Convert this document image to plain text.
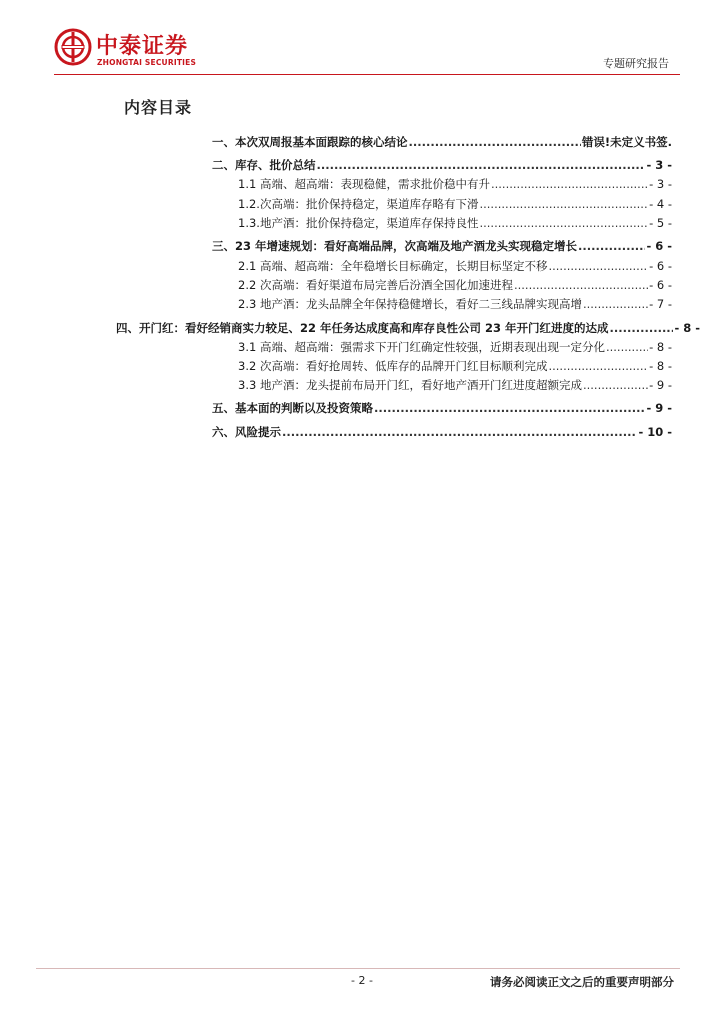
中泰证券
ZHONGTAI SECURITIES	专题研究报告
内容目录
一、本次双周报基本面跟踪的核心结论 .....	错误!未定义书签.
二、库存、批价总结 .....	- 3 -
1.1 高端、超高端：表现稳健，需求批价稳中有升 .....	- 3 -
1.2.次高端：批价保持稳定，渠道库存略有下滑 .....	- 4 -
1.3.地产酒：批价保持稳定，渠道库存保持良性 .....	- 5 -
三、23 年增速规划：看好高端品牌，次高端及地产酒龙头实现稳定增长 .....	- 6 -
2.1 高端、超高端：全年稳增长目标确定，长期目标坚定不移 .....	- 6 -
2.2 次高端：看好渠道布局完善后汾酒全国化加速进程 .....	- 6 -
2.3 地产酒：龙头品牌全年保持稳健增长，看好二三线品牌实现高增 .....	- 7 -
四、开门红：看好经销商实力较足、22 年任务达成度高和库存良性公司 23 年开门红进度的达成 .....	- 8 -
3.1 高端、超高端：强需求下开门红确定性较强，近期表现出现一定分化 .....	- 8 -
3.2 次高端：看好抢周转、低库存的品牌开门红目标顺利完成 .....	- 8 -
3.3 地产酒：龙头提前布局开门红，看好地产酒开门红进度超额完成 .....	- 9 -
五、基本面的判断以及投资策略 .....	- 9 -
六、风险提示 .....	- 10 -
- 2 -	请务必阅读正文之后的重要声明部分
